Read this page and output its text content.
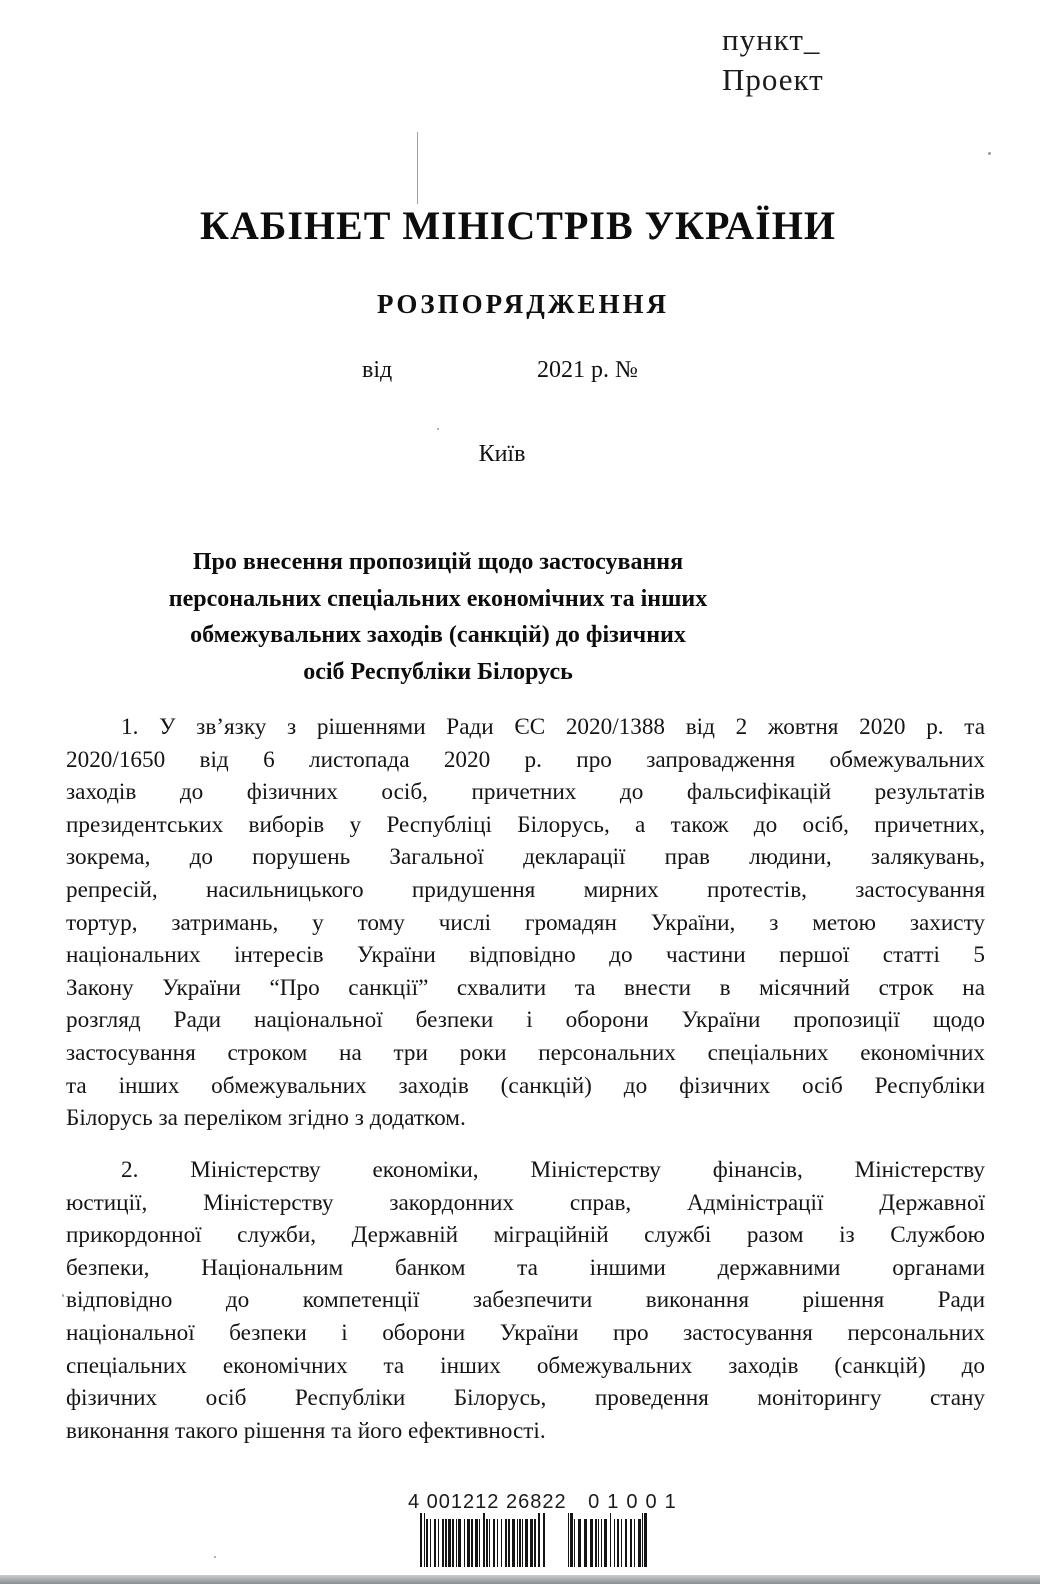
пункт_
Проект
КАБІНЕТ МІНІСТРІВ УКРАЇНИ
РОЗПОРЯДЖЕННЯ
від	2021 р. №
Київ
Про внесення пропозицій щодо застосування
персональних спеціальних економічних та інших
обмежувальних заходів (санкцій) до фізичних
осіб Республіки Білорусь
1. У зв’язку з рішеннями Ради ЄС 2020/1388 від 2 жовтня 2020 р. та
2020/1650 від 6 листопада 2020 р. про запровадження обмежувальних
заходів до фізичних осіб, причетних до фальсифікацій результатів
президентських виборів у Республіці Білорусь, а також до осіб, причетних,
зокрема, до порушень Загальної декларації прав людини, залякувань,
репресій, насильницького придушення мирних протестів, застосування
тортур, затримань, у тому числі громадян України, з метою захисту
національних інтересів України відповідно до частини першої статті 5
Закону України “Про санкції” схвалити та внести в місячний строк на
розгляд Ради національної безпеки і оборони України пропозиції щодо
застосування строком на три роки персональних спеціальних економічних
та інших обмежувальних заходів (санкцій) до фізичних осіб Республіки
Білорусь за переліком згідно з додатком.
2. Міністерству економіки, Міністерству фінансів, Міністерству
юстиції, Міністерству закордонних справ, Адміністрації Державної
прикордонної служби, Державній міграційній службі разом із Службою
безпеки, Національним банком та іншими державними органами
відповідно до компетенції забезпечити виконання рішення Ради
національної безпеки і оборони України про застосування персональних
спеціальних економічних та інших обмежувальних заходів (санкцій) до
фізичних осіб Республіки Білорусь, проведення моніторингу стану
виконання такого рішення та його ефективності.
4 001212 26822 01001
